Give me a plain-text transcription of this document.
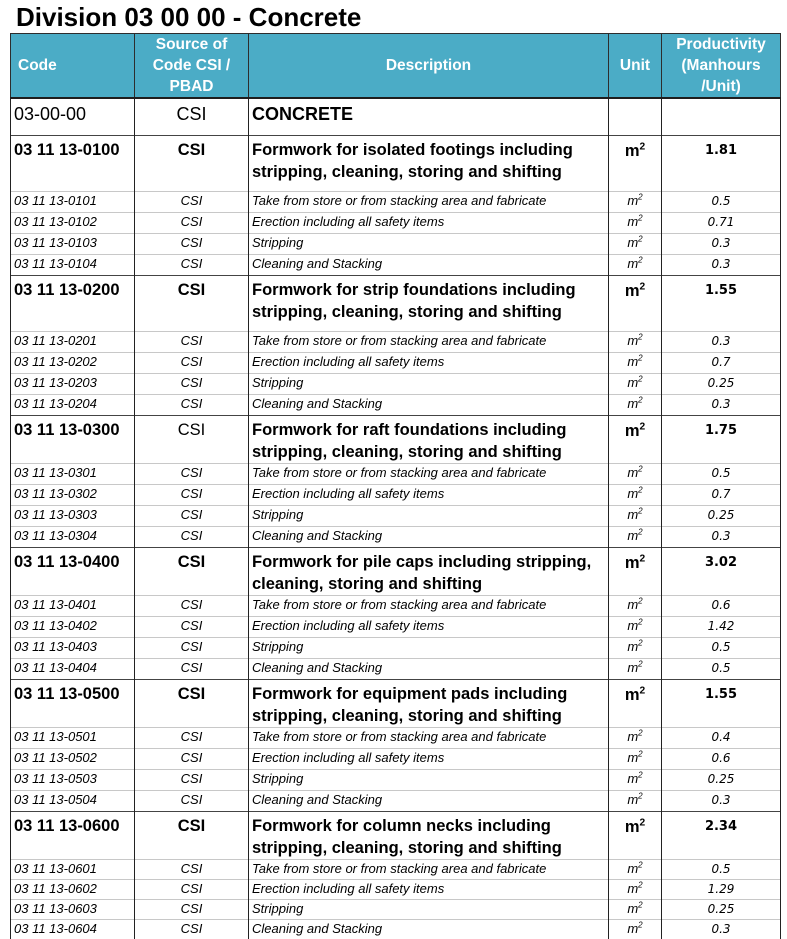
Division 03 00 00 - Concrete
Code	Source of Code CSI / PBAD	Description	Unit	Productivity (Manhours /Unit)
03-00-00	CSI	CONCRETE		
03 11 13-0100	CSI	Formwork for isolated footings including stripping, cleaning, storing and shifting	$m^2$	1.81
03 11 13-0101	CSI	Take from store or from stacking area and fabricate	$m^2$	0.5
03 11 13-0102	CSI	Erection including all safety items	$m^2$	0.71
03 11 13-0103	CSI	Stripping	$m^2$	0.3
03 11 13-0104	CSI	Cleaning and Stacking	$m^2$	0.3
03 11 13-0200	CSI	Formwork for strip foundations including stripping, cleaning, storing and shifting	$m^2$	1.55
03 11 13-0201	CSI	Take from store or from stacking area and fabricate	$m^2$	0.3
03 11 13-0202	CSI	Erection including all safety items	$m^2$	0.7
03 11 13-0203	CSI	Stripping	$m^2$	0.25
03 11 13-0204	CSI	Cleaning and Stacking	$m^2$	0.3
03 11 13-0300	CSI	Formwork for raft foundations including stripping, cleaning, storing and shifting	$m^2$	1.75
03 11 13-0301	CSI	Take from store or from stacking area and fabricate	$m^2$	0.5
03 11 13-0302	CSI	Erection including all safety items	$m^2$	0.7
03 11 13-0303	CSI	Stripping	$m^2$	0.25
03 11 13-0304	CSI	Cleaning and Stacking	$m^2$	0.3
03 11 13-0400	CSI	Formwork for pile caps including stripping, cleaning, storing and shifting	$m^2$	3.02
03 11 13-0401	CSI	Take from store or from stacking area and fabricate	$m^2$	0.6
03 11 13-0402	CSI	Erection including all safety items	$m^2$	1.42
03 11 13-0403	CSI	Stripping	$m^2$	0.5
03 11 13-0404	CSI	Cleaning and Stacking	$m^2$	0.5
03 11 13-0500	CSI	Formwork for equipment pads including stripping, cleaning, storing and shifting	$m^2$	1.55
03 11 13-0501	CSI	Take from store or from stacking area and fabricate	$m^2$	0.4
03 11 13-0502	CSI	Erection including all safety items	$m^2$	0.6
03 11 13-0503	CSI	Stripping	$m^2$	0.25
03 11 13-0504	CSI	Cleaning and Stacking	$m^2$	0.3
03 11 13-0600	CSI	Formwork for column necks including stripping, cleaning, storing and shifting	$m^2$	2.34
03 11 13-0601	CSI	Take from store or from stacking area and fabricate	$m^2$	0.5
03 11 13-0602	CSI	Erection including all safety items	$m^2$	1.29
03 11 13-0603	CSI	Stripping	$m^2$	0.25
03 11 13-0604	CSI	Cleaning and Stacking	$m^2$	0.3
